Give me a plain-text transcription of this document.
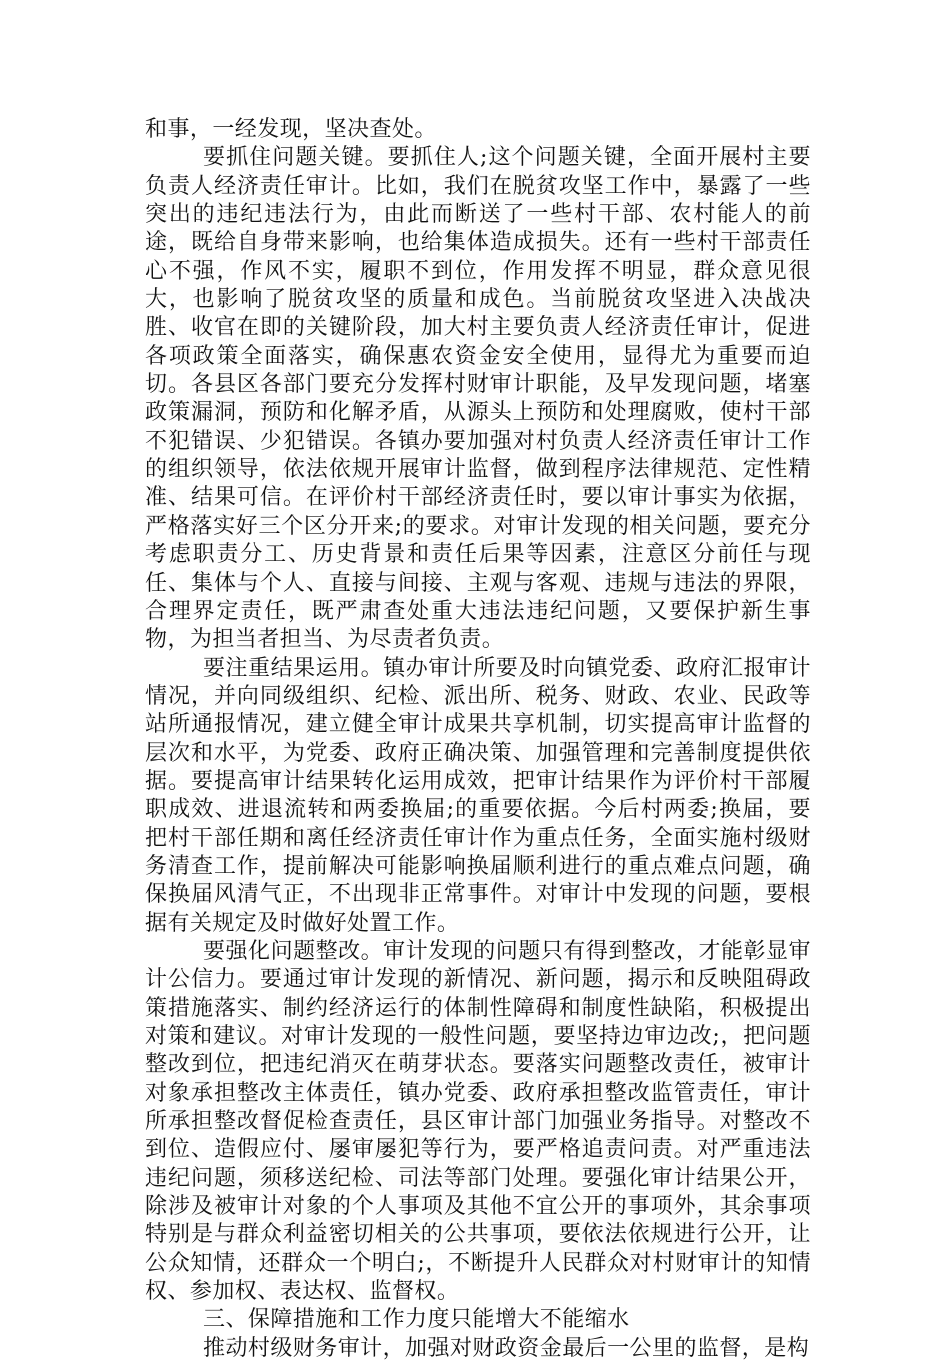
和事，一经发现，坚决查处。

要抓住问题关键。要抓住人;这个问题关键，全面开展村主要负责人经济责任审计。比如，我们在脱贫攻坚工作中，暴露了一些突出的违纪违法行为，由此而断送了一些村干部、农村能人的前途，既给自身带来影响，也给集体造成损失。还有一些村干部责任心不强，作风不实，履职不到位，作用发挥不明显，群众意见很大，也影响了脱贫攻坚的质量和成色。当前脱贫攻坚进入决战决胜、收官在即的关键阶段，加大村主要负责人经济责任审计，促进各项政策全面落实，确保惠农资金安全使用，显得尤为重要而迫切。各县区各部门要充分发挥村财审计职能，及早发现问题，堵塞政策漏洞，预防和化解矛盾，从源头上预防和处理腐败，使村干部不犯错误、少犯错误。各镇办要加强对村负责人经济责任审计工作的组织领导，依法依规开展审计监督，做到程序法律规范、定性精准、结果可信。在评价村干部经济责任时，要以审计事实为依据，严格落实好三个区分开来;的要求。对审计发现的相关问题，要充分考虑职责分工、历史背景和责任后果等因素，注意区分前任与现任、集体与个人、直接与间接、主观与客观、违规与违法的界限，合理界定责任，既严肃查处重大违法违纪问题，又要保护新生事物，为担当者担当、为尽责者负责。

要注重结果运用。镇办审计所要及时向镇党委、政府汇报审计情况，并向同级组织、纪检、派出所、税务、财政、农业、民政等站所通报情况，建立健全审计成果共享机制，切实提高审计监督的层次和水平，为党委、政府正确决策、加强管理和完善制度提供依据。要提高审计结果转化运用成效，把审计结果作为评价村干部履职成效、进退流转和两委换届;的重要依据。今后村两委;换届，要把村干部任期和离任经济责任审计作为重点任务，全面实施村级财务清查工作，提前解决可能影响换届顺利进行的重点难点问题，确保换届风清气正，不出现非正常事件。对审计中发现的问题，要根据有关规定及时做好处置工作。

要强化问题整改。审计发现的问题只有得到整改，才能彰显审计公信力。要通过审计发现的新情况、新问题，揭示和反映阻碍政策措施落实、制约经济运行的体制性障碍和制度性缺陷，积极提出对策和建议。对审计发现的一般性问题，要坚持边审边改;，把问题整改到位，把违纪消灭在萌芽状态。要落实问题整改责任，被审计对象承担整改主体责任，镇办党委、政府承担整改监管责任，审计所承担整改督促检查责任，县区审计部门加强业务指导。对整改不到位、造假应付、屡审屡犯等行为，要严格追责问责。对严重违法违纪问题，须移送纪检、司法等部门处理。要强化审计结果公开，除涉及被审计对象的个人事项及其他不宜公开的事项外，其余事项特别是与群众利益密切相关的公共事项，要依法依规进行公开，让公众知情，还群众一个明白;，不断提升人民群众对村财审计的知情权、参加权、表达权、监督权。

三、保障措施和工作力度只能增大不能缩水

推动村级财务审计，加强对财政资金最后一公里的监督，是构
